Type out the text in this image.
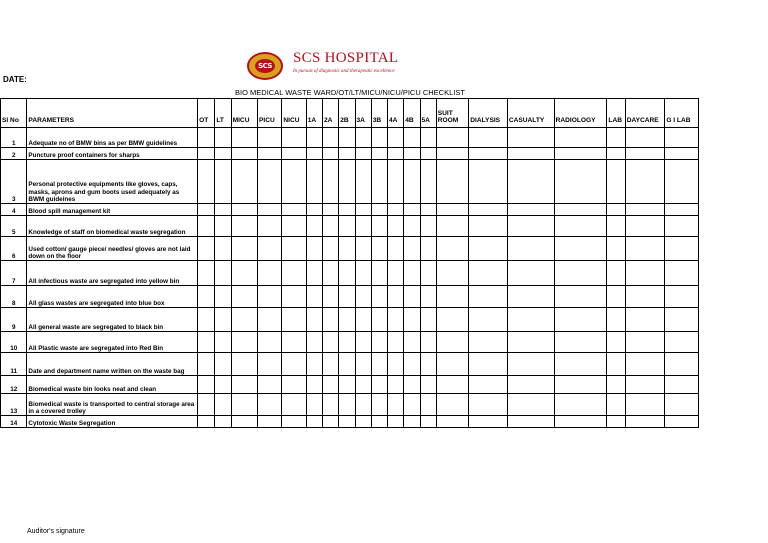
SCS SCS HOSPITAL
In pursuit of diagnostic and therapeutic excellence
DATE:
BIO MEDICAL WASTE WARD/OT/LT/MICU/NICU/PICU CHECKLIST
Sl No	PARAMETERS	OT	LT	MICU	PICU	NICU	1A	2A	2B	3A	3B	4A	4B	5A	SUIT ROOM	DIALYSIS	CASUALTY	RADIOLOGY	LAB	DAYCARE	G I LAB
1	Adequate no of BMW bins as per BMW guidelines																				
2	Puncture proof containers for sharps																				
3	Personal protective equipments like gloves, caps, masks, aprons and gum boots used adequately as BWM guideines																				
4	Blood spill management kit																				
5	Knowledge of staff on biomedical waste segregation																				
6	Used cotton/ gauge piece/ needles/ gloves are not laid down on the floor																				
7	All infectious waste are segregated into yellow bin																				
8	All glass wastes are segregated into blue box																				
9	All general waste are segregated to black bin																				
10	All Plastic waste are segregated into Red Bin																				
11	Date and department name written on the waste bag																				
12	Biomedical waste bin looks neat and clean																				
13	Biomedical waste is transported to central storage area in a covered trolley																				
14	Cytotoxic Waste Segregation																				
Auditor's signature
